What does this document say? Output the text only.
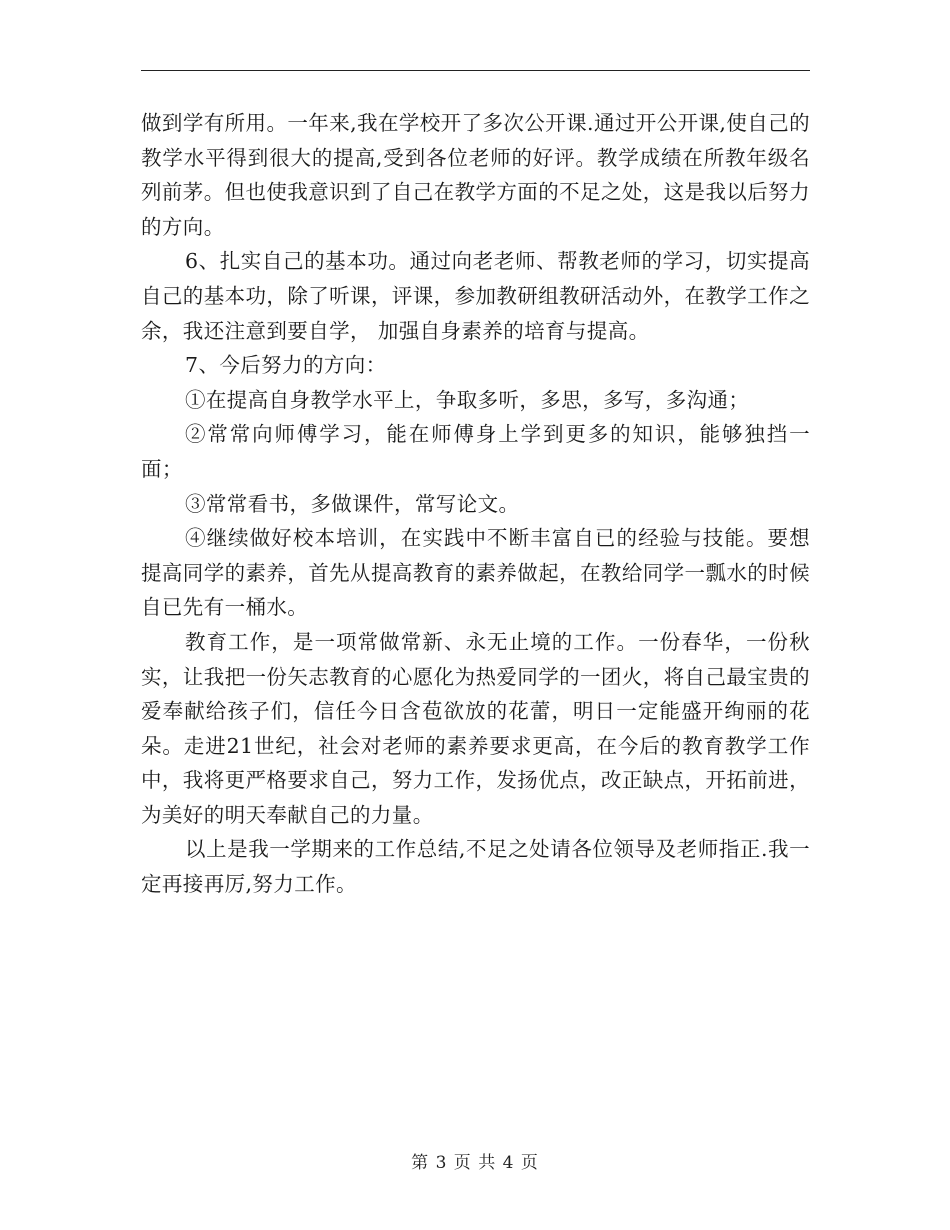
做到学有所用。一年来,我在学校开了多次公开课.通过开公开课,使自己的教学水平得到很大的提高,受到各位老师的好评。教学成绩在所教年级名列前茅。但也使我意识到了自己在教学方面的不足之处，这是我以后努力的方向。

6、扎实自己的基本功。通过向老老师、帮教老师的学习，切实提高自己的基本功，除了听课，评课，参加教研组教研活动外，在教学工作之余，我还注意到要自学， 加强自身素养的培育与提高。

7、今后努力的方向：

①在提高自身教学水平上，争取多听，多思，多写，多沟通；

②常常向师傅学习，能在师傅身上学到更多的知识，能够独挡一面；

③常常看书，多做课件，常写论文。

④继续做好校本培训，在实践中不断丰富自已的经验与技能。要想提高同学的素养，首先从提高教育的素养做起，在教给同学一瓢水的时候自已先有一桶水。

教育工作，是一项常做常新、永无止境的工作。一份春华，一份秋实，让我把一份矢志教育的心愿化为热爱同学的一团火，将自己最宝贵的爱奉献给孩子们，信任今日含苞欲放的花蕾，明日一定能盛开绚丽的花朵。走进21世纪，社会对老师的素养要求更高，在今后的教育教学工作中，我将更严格要求自己，努力工作，发扬优点，改正缺点，开拓前进，为美好的明天奉献自己的力量。

以上是我一学期来的工作总结,不足之处请各位领导及老师指正.我一定再接再厉,努力工作。

第 3 页 共 4 页
